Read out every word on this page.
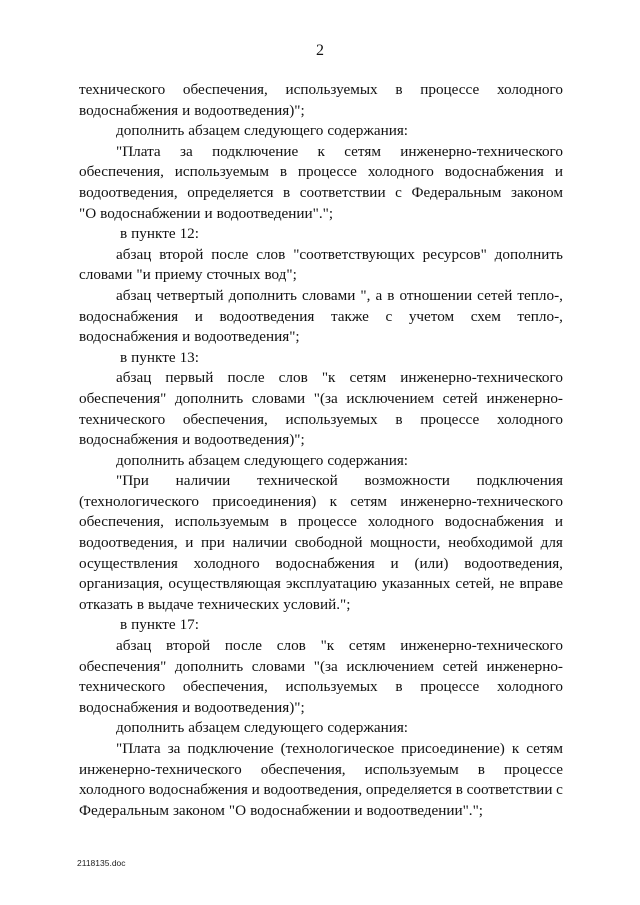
2
технического обеспечения, используемых в процессе холодного
водоснабжения и водоотведения)";
дополнить абзацем следующего содержания:
"Плата за подключение к сетям инженерно-технического
обеспечения, используемым в процессе холодного водоснабжения и
водоотведения, определяется в соответствии с Федеральным законом
"О водоснабжении и водоотведении".";
в пункте 12:
абзац второй после слов "соответствующих ресурсов" дополнить
словами "и приему сточных вод";
абзац четвертый дополнить словами ", а в отношении сетей тепло-,
водоснабжения и водоотведения также с учетом схем тепло-,
водоснабжения и водоотведения";
в пункте 13:
абзац первый после слов "к сетям инженерно-технического
обеспечения" дополнить словами "(за исключением сетей инженерно-
технического обеспечения, используемых в процессе холодного
водоснабжения и водоотведения)";
дополнить абзацем следующего содержания:
"При наличии технической возможности подключения
(технологического присоединения) к сетям инженерно-технического
обеспечения, используемым в процессе холодного водоснабжения и
водоотведения, и при наличии свободной мощности, необходимой для
осуществления холодного водоснабжения и (или) водоотведения,
организация, осуществляющая эксплуатацию указанных сетей, не вправе
отказать в выдаче технических условий.";
в пункте 17:
абзац второй после слов "к сетям инженерно-технического
обеспечения" дополнить словами "(за исключением сетей инженерно-
технического обеспечения, используемых в процессе холодного
водоснабжения и водоотведения)";
дополнить абзацем следующего содержания:
"Плата за подключение (технологическое присоединение) к сетям
инженерно-технического обеспечения, используемым в процессе
холодного водоснабжения и водоотведения, определяется в соответствии с
Федеральным законом "О водоснабжении и водоотведении".";
2118135.doc
